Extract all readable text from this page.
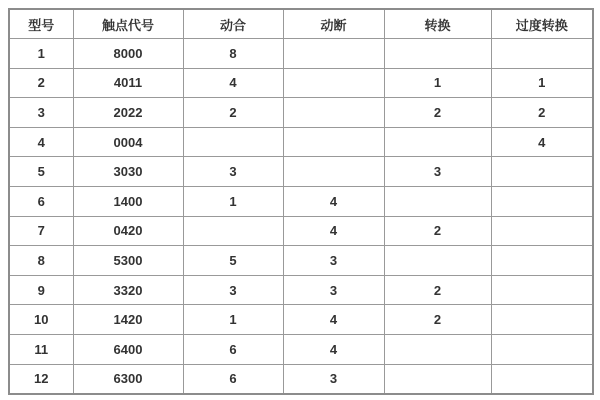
型号	触点代号	动合	动断	转换	过度转换
1	8000	8			
2	4011	4		1	1
3	2022	2		2	2
4	0004				4
5	3030	3		3	
6	1400	1	4		
7	0420		4	2	
8	5300	5	3		
9	3320	3	3	2	
10	1420	1	4	2	
11	6400	6	4		
12	6300	6	3		
